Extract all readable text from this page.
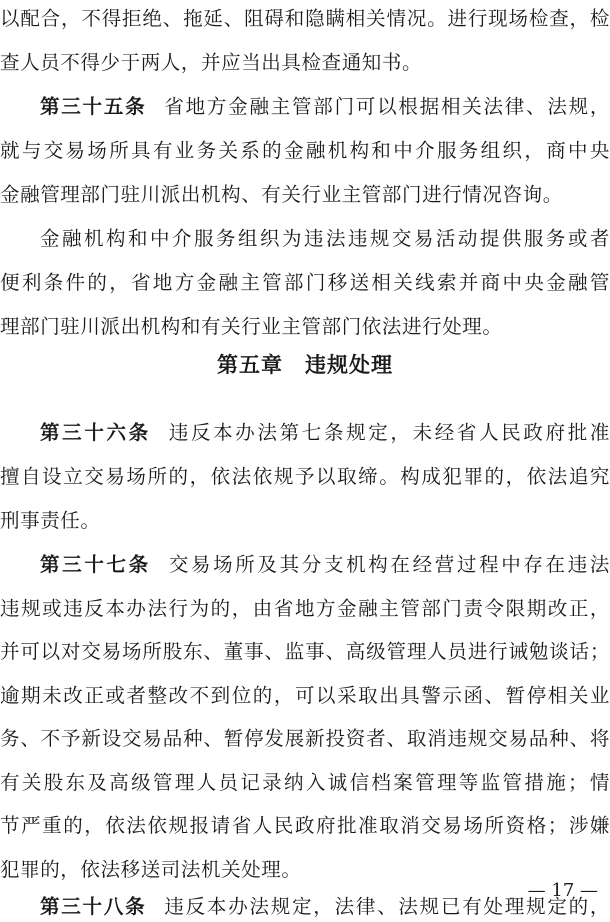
以配合，不得拒绝、拖延、阻碍和隐瞒相关情况。进行现场检查，检
查人员不得少于两人，并应当出具检查通知书。
第三十五条 省地方金融主管部门可以根据相关法律、法规，
就与交易场所具有业务关系的金融机构和中介服务组织，商中央
金融管理部门驻川派出机构、有关行业主管部门进行情况咨询。
金融机构和中介服务组织为违法违规交易活动提供服务或者
便利条件的，省地方金融主管部门移送相关线索并商中央金融管
理部门驻川派出机构和有关行业主管部门依法进行处理。
第五章 违规处理
第三十六条 违反本办法第七条规定，未经省人民政府批准
擅自设立交易场所的，依法依规予以取缔。构成犯罪的，依法追究
刑事责任。
第三十七条 交易场所及其分支机构在经营过程中存在违法
违规或违反本办法行为的，由省地方金融主管部门责令限期改正，
并可以对交易场所股东、董事、监事、高级管理人员进行诫勉谈话；
逾期未改正或者整改不到位的，可以采取出具警示函、暂停相关业
务、不予新设交易品种、暂停发展新投资者、取消违规交易品种、将
有关股东及高级管理人员记录纳入诚信档案管理等监管措施；情
节严重的，依法依规报请省人民政府批准取消交易场所资格；涉嫌
— 17 —
犯罪的，依法移送司法机关处理。
第三十八条 违反本办法规定，法律、法规已有处理规定的，
